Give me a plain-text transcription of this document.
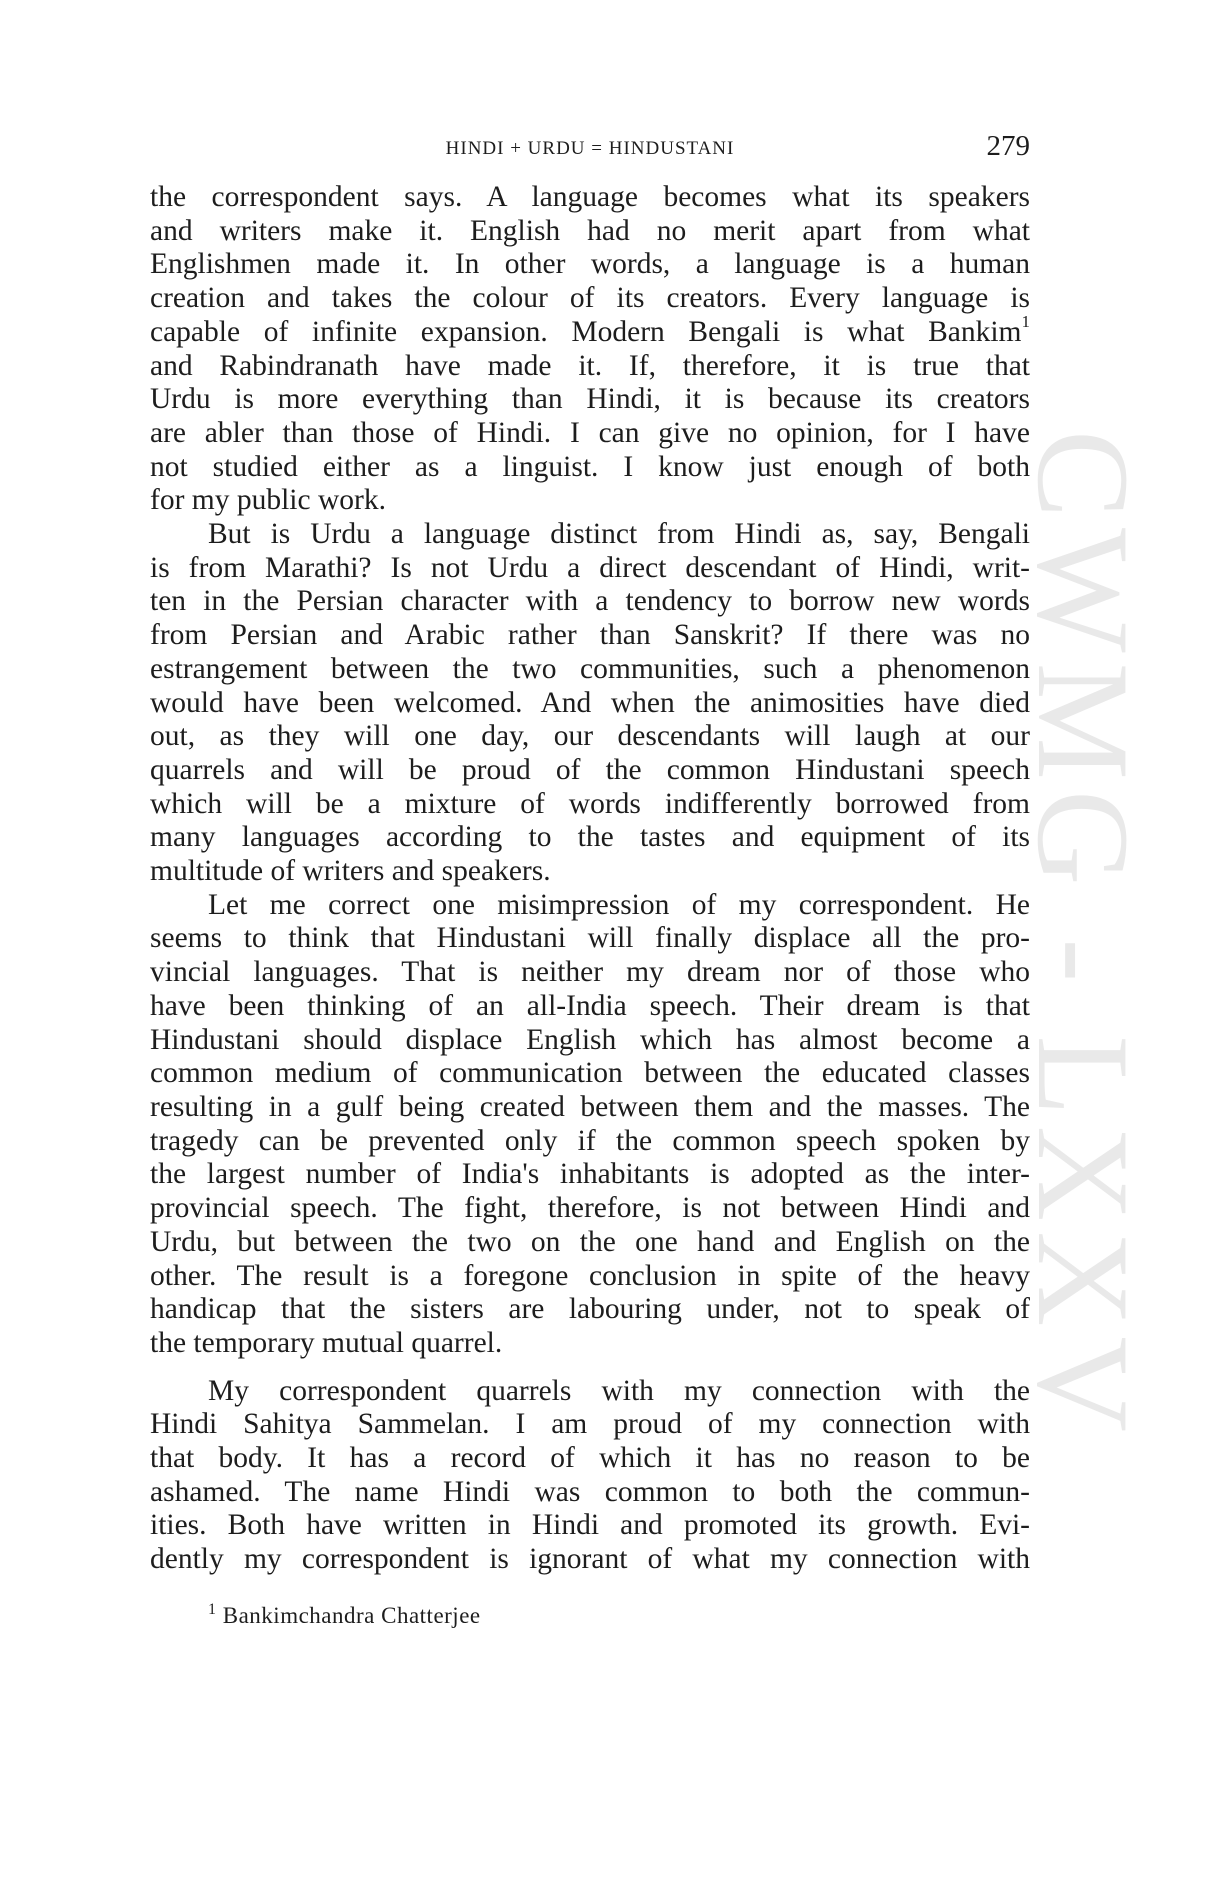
CWMG - LXXV
HINDI + URDU = HINDUSTANI	279
the correspondent says. A language becomes what its speakers
and writers make it. English had no merit apart from what
Englishmen made it. In other words, a language is a human
creation and takes the colour of its creators. Every language is
capable of infinite expansion. Modern Bengali is what Bankim$^1$
and Rabindranath have made it. If, therefore, it is true that
Urdu is more everything than Hindi, it is because its creators
are abler than those of Hindi. I can give no opinion, for I have
not studied either as a linguist. I know just enough of both
for my public work.
But is Urdu a language distinct from Hindi as, say, Bengali
is from Marathi? Is not Urdu a direct descendant of Hindi, writ-
ten in the Persian character with a tendency to borrow new words
from Persian and Arabic rather than Sanskrit? If there was no
estrangement between the two communities, such a phenomenon
would have been welcomed. And when the animosities have died
out, as they will one day, our descendants will laugh at our
quarrels and will be proud of the common Hindustani speech
which will be a mixture of words indifferently borrowed from
many languages according to the tastes and equipment of its
multitude of writers and speakers.
Let me correct one misimpression of my correspondent. He
seems to think that Hindustani will finally displace all the pro-
vincial languages. That is neither my dream nor of those who
have been thinking of an all-India speech. Their dream is that
Hindustani should displace English which has almost become a
common medium of communication between the educated classes
resulting in a gulf being created between them and the masses. The
tragedy can be prevented only if the common speech spoken by
the largest number of India's inhabitants is adopted as the inter-
provincial speech. The fight, therefore, is not between Hindi and
Urdu, but between the two on the one hand and English on the
other. The result is a foregone conclusion in spite of the heavy
handicap that the sisters are labouring under, not to speak of
the temporary mutual quarrel.
My correspondent quarrels with my connection with the
Hindi Sahitya Sammelan. I am proud of my connection with
that body. It has a record of which it has no reason to be
ashamed. The name Hindi was common to both the commun-
ities. Both have written in Hindi and promoted its growth. Evi-
dently my correspondent is ignorant of what my connection with
$^1$ Bankimchandra Chatterjee
